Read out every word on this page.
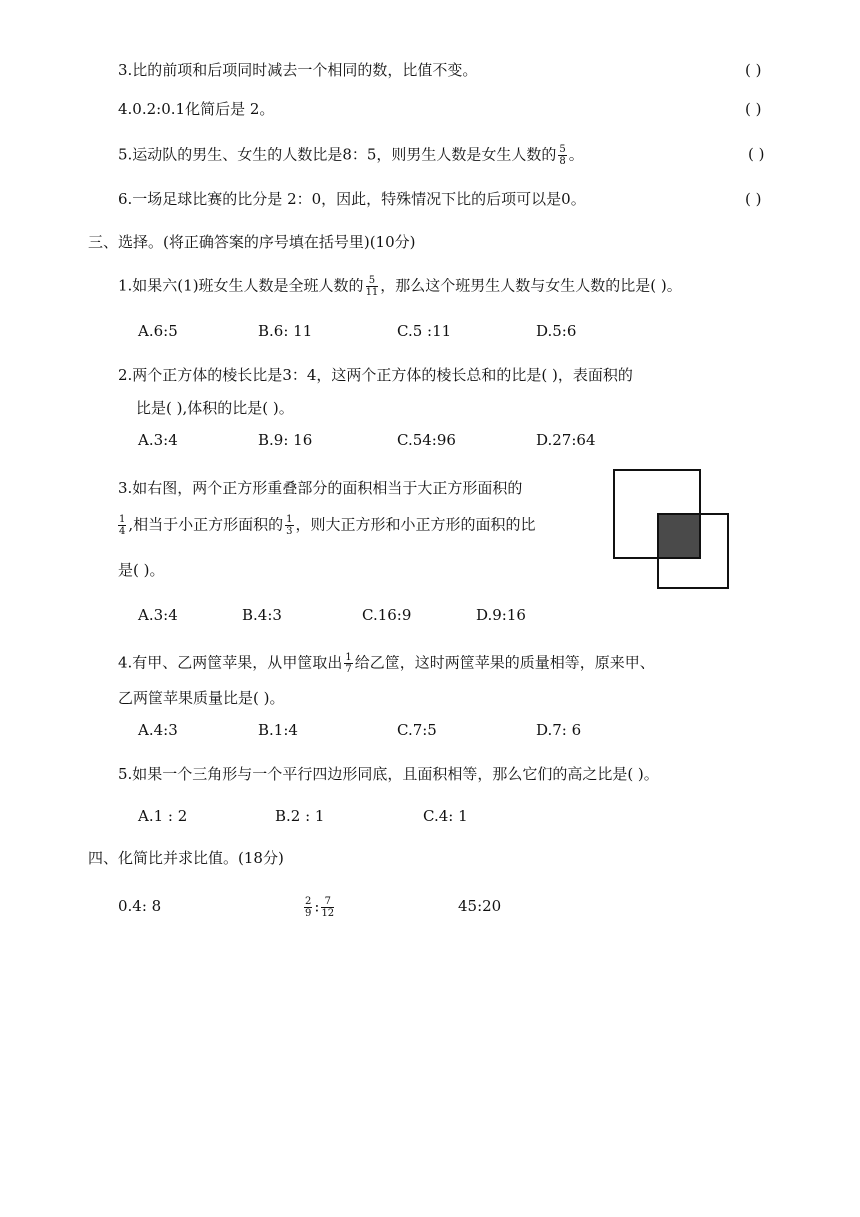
3.比的前项和后项同时减去一个相同的数，比值不变。	( )
4.0.2:0.1化简后是 2。	( )
5.运动队的男生、女生的人数比是8：5，则男生人数是女生人数的 $\frac{5}{8}$ 。	( )
6.一场足球比赛的比分是 2：0，因此，特殊情况下比的后项可以是0。	( )
三、选择。(将正确答案的序号填在括号里)(10分)
1.如果六(1)班女生人数是全班人数的 $\frac{5}{11}$ ，那么这个班男生人数与女生人数的比是( )。
A.6:5	B.6: 11	C.5 :11	D.5:6
2.两个正方体的棱长比是3：4，这两个正方体的棱长总和的比是( )，表面积的
比是( ),体积的比是( )。
A.3:4	B.9: 16	C.54:96	D.27:64
3.如右图，两个正方形重叠部分的面积相当于大正方形面积的
$\frac{1}{4}$ ,相当于小正方形面积的 $\frac{1}{3}$ ，则大正方形和小正方形的面积的比
是( )。
A.3:4	B.4:3	C.16:9	D.9:16
4.有甲、乙两筐苹果，从甲筐取出 $\frac{1}{7}$ 给乙筐，这时两筐苹果的质量相等，原来甲、
乙两筐苹果质量比是( )。
A.4:3	B.1:4	C.7:5	D.7: 6
5.如果一个三角形与一个平行四边形同底，且面积相等，那么它们的高之比是( )。
A.1 : 2	B.2 : 1	C.4: 1
四、化简比并求比值。(18分)
0.4: 8	$\frac{2}{9}$ : $\frac{7}{12}$	45:20
